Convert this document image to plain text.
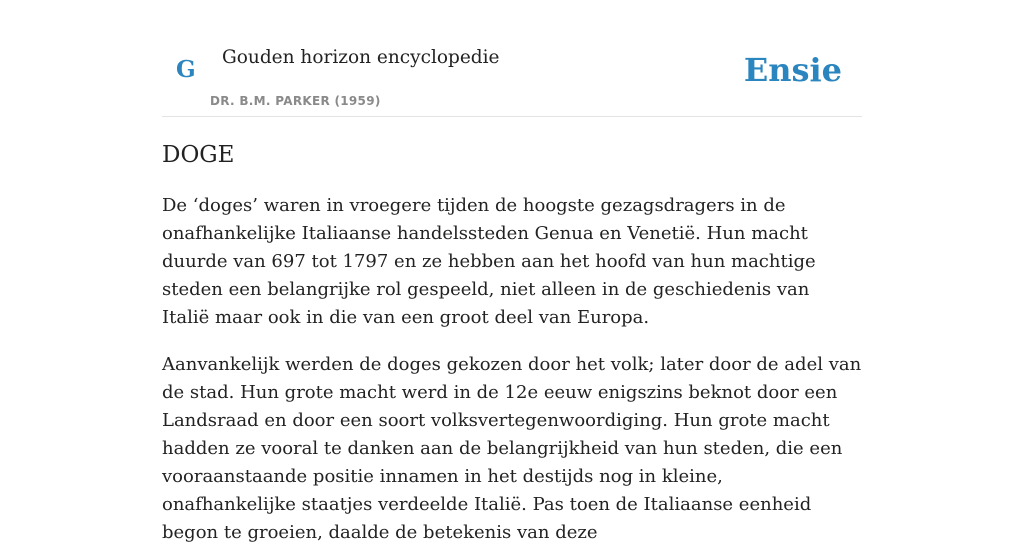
G Gouden horizon encyclopedie
DR. B.M. PARKER (1959)
Ensie
DOGE

De ‘doges’ waren in vroegere tijden de hoogste gezagsdragers in de onafhankelijke Italiaanse handelssteden Genua en Venetië. Hun macht duurde van 697 tot 1797 en ze hebben aan het hoofd van hun machtige steden een belangrijke rol gespeeld, niet alleen in de geschiedenis van Italië maar ook in die van een groot deel van Europa.

Aanvankelijk werden de doges gekozen door het volk; later door de adel van de stad. Hun grote macht werd in de 12e eeuw enigszins beknot door een Landsraad en door een soort volksvertegenwoordiging. Hun grote macht hadden ze vooral te danken aan de belangrijkheid van hun steden, die een vooraanstaande positie innamen in het destijds nog in kleine, onafhankelijke staatjes verdeelde Italië. Pas toen de Italiaanse eenheid begon te groeien, daalde de betekenis van deze
